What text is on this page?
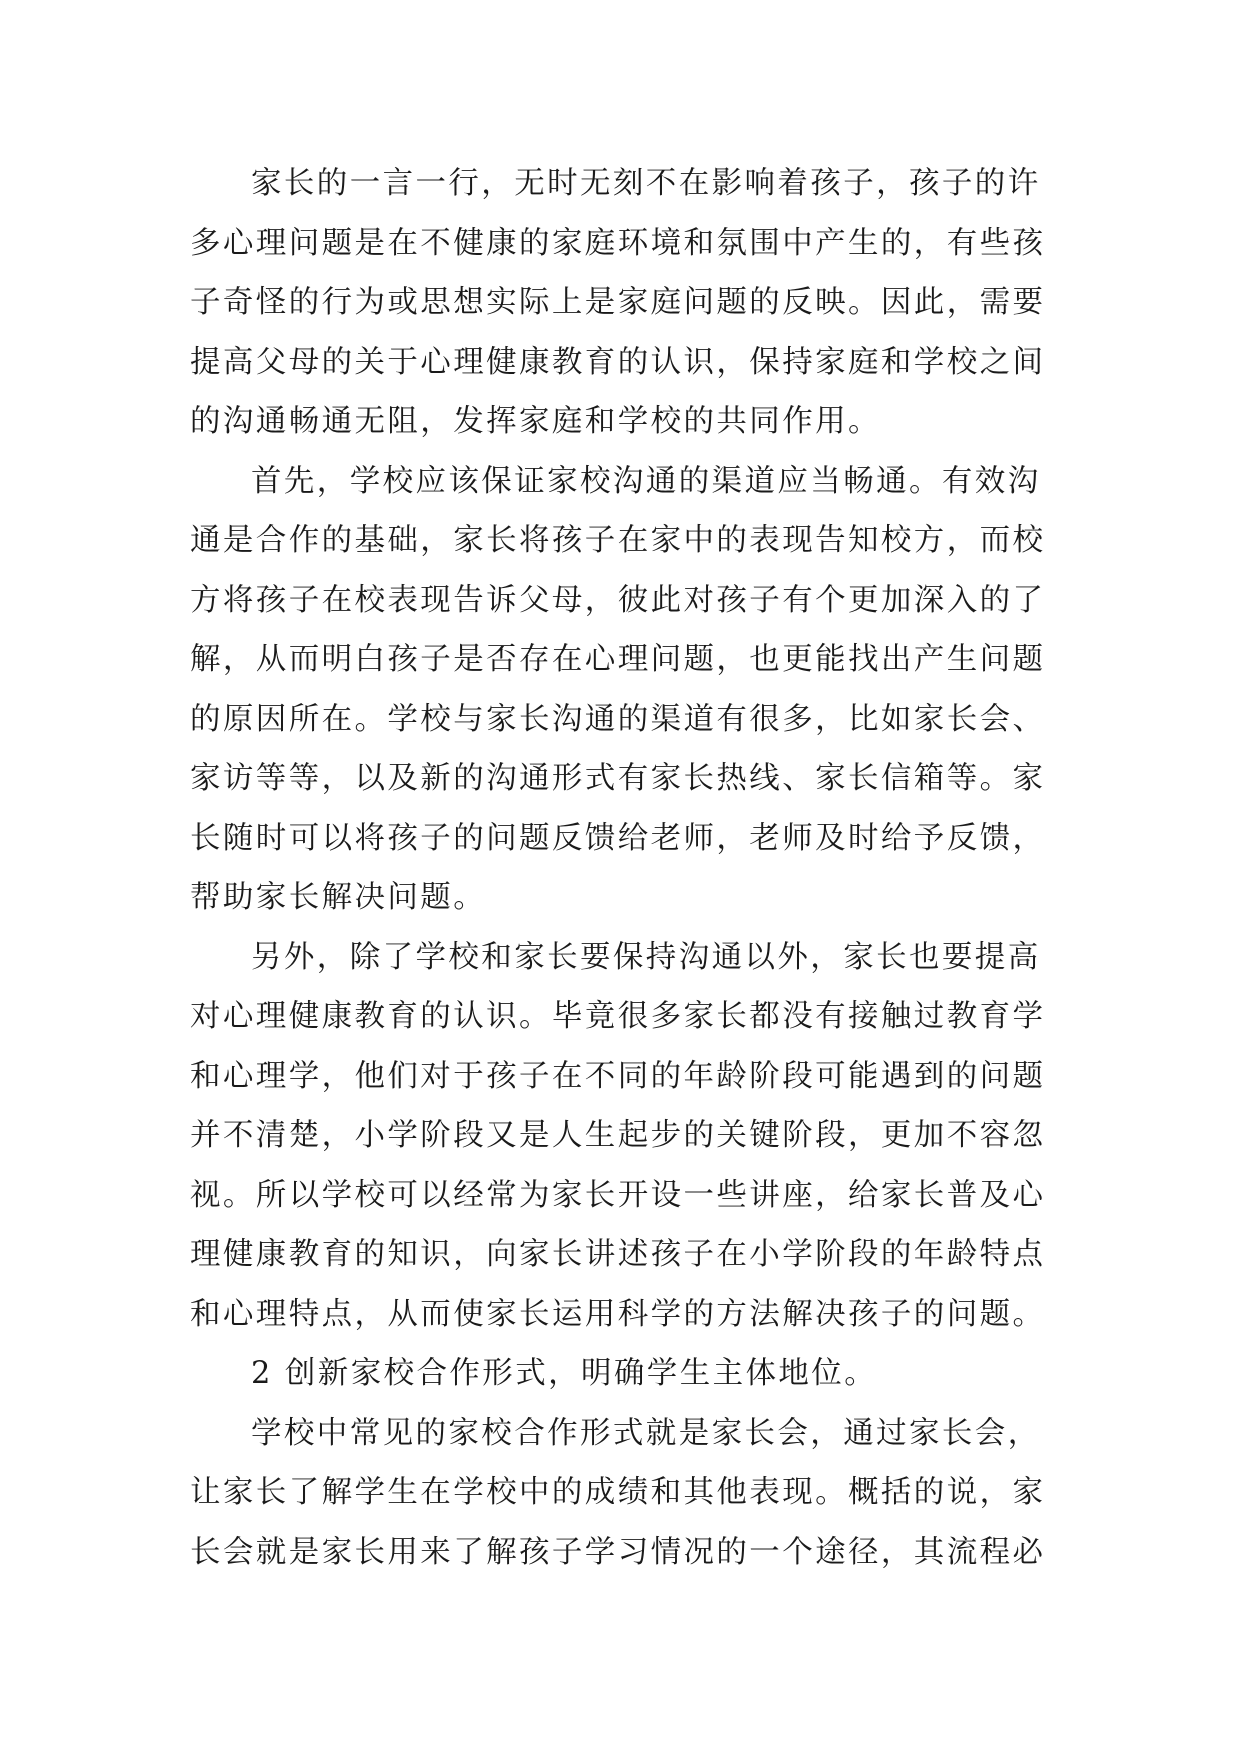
家长的一言一行，无时无刻不在影响着孩子，孩子的许
多心理问题是在不健康的家庭环境和氛围中产生的，有些孩
子奇怪的行为或思想实际上是家庭问题的反映。因此，需要
提高父母的关于心理健康教育的认识，保持家庭和学校之间
的沟通畅通无阻，发挥家庭和学校的共同作用。
首先，学校应该保证家校沟通的渠道应当畅通。有效沟
通是合作的基础，家长将孩子在家中的表现告知校方，而校
方将孩子在校表现告诉父母，彼此对孩子有个更加深入的了
解，从而明白孩子是否存在心理问题，也更能找出产生问题
的原因所在。学校与家长沟通的渠道有很多，比如家长会、
家访等等，以及新的沟通形式有家长热线、家长信箱等。家
长随时可以将孩子的问题反馈给老师，老师及时给予反馈，
帮助家长解决问题。
另外，除了学校和家长要保持沟通以外，家长也要提高
对心理健康教育的认识。毕竟很多家长都没有接触过教育学
和心理学，他们对于孩子在不同的年龄阶段可能遇到的问题
并不清楚，小学阶段又是人生起步的关键阶段，更加不容忽
视。所以学校可以经常为家长开设一些讲座，给家长普及心
理健康教育的知识，向家长讲述孩子在小学阶段的年龄特点
和心理特点，从而使家长运用科学的方法解决孩子的问题。
2 创新家校合作形式，明确学生主体地位。
学校中常见的家校合作形式就是家长会，通过家长会，
让家长了解学生在学校中的成绩和其他表现。概括的说，家
长会就是家长用来了解孩子学习情况的一个途径，其流程必
